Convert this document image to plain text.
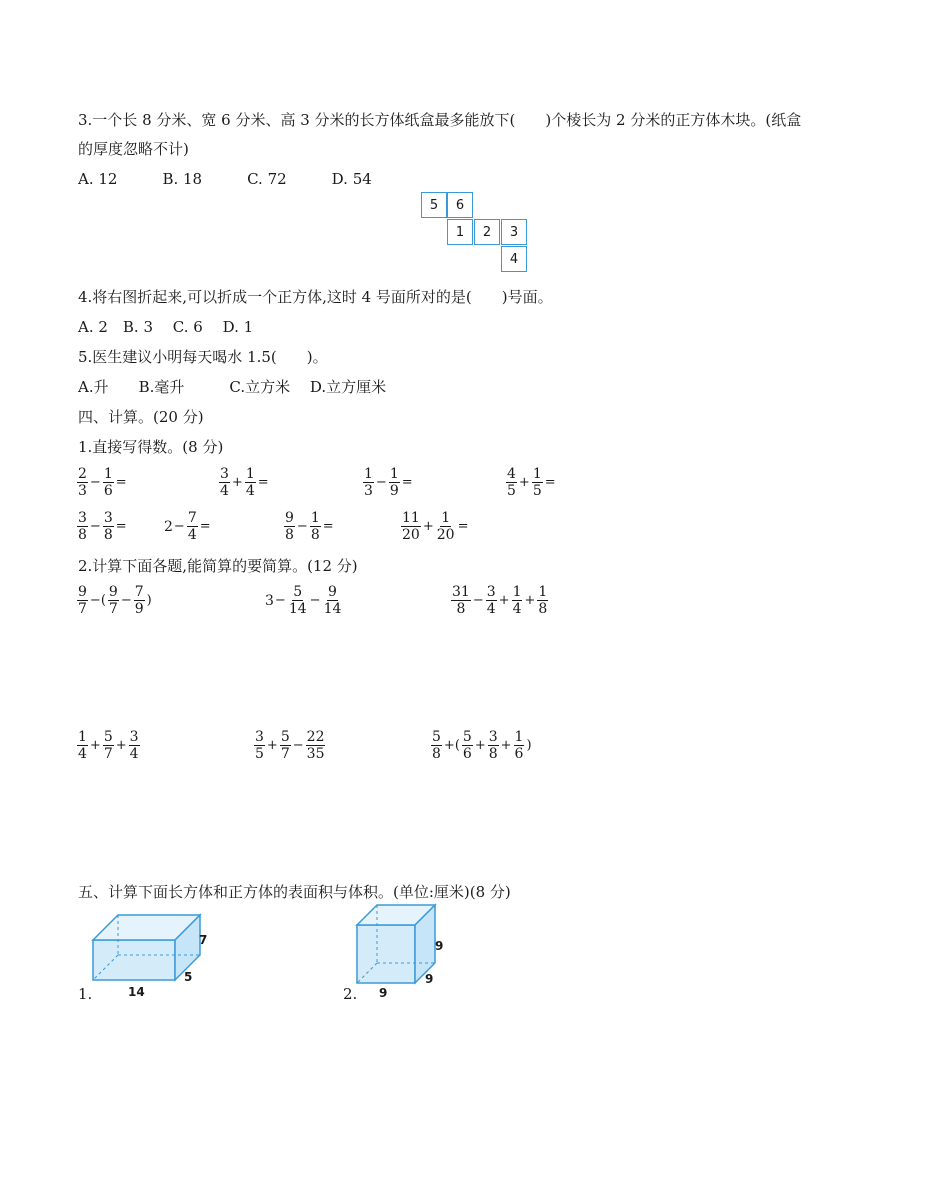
3.一个长 8 分米、宽 6 分米、高 3 分米的长方体纸盒最多能放下(　　)个棱长为 2 分米的正方体木块。(纸盒
的厚度忽略不计)
A. 12　　　B. 18　　　C. 72　　　D. 54
5	6
1	2	3
4
4.将右图折起来,可以折成一个正方体,这时 4 号面所对的是(　　)号面。
A. 2　B. 3　 C. 6　 D. 1
5.医生建议小明每天喝水 1.5(　　)。
A.升　　B.毫升　　　C.立方米　 D.立方厘米
四、计算。(20 分)
1.直接写得数。(8 分)
$\frac{2}{3} - \frac{1}{6}$ =	$\frac{3}{4} + \frac{1}{4}$ =	$\frac{1}{3} - \frac{1}{9}$ =	$\frac{4}{5} + \frac{1}{5}$ =
$\frac{3}{8} - \frac{3}{8}$ =	$2 - \frac{7}{4}$ =	$\frac{9}{8} - \frac{1}{8}$ =	$\frac{11}{20} + \frac{1}{20}$ =
2.计算下面各题,能简算的要简算。(12 分)
$\frac{9}{7}$ −( $\frac{9}{7} - \frac{7}{9}$ )	$3 - \frac{5}{14} - \frac{9}{14}$	$\frac{31}{8} - \frac{3}{4} + \frac{1}{4} + \frac{1}{8}$
$\frac{1}{4} + \frac{5}{7} + \frac{3}{4}$	$\frac{3}{5} + \frac{5}{7} - \frac{22}{35}$	$\frac{5}{8}$ +( $\frac{5}{6} + \frac{3}{8} + \frac{1}{6}$ )
五、计算下面长方体和正方体的表面积与体积。(单位:厘米)(8 分)
1.
7
5
14	2.
9
9
9
